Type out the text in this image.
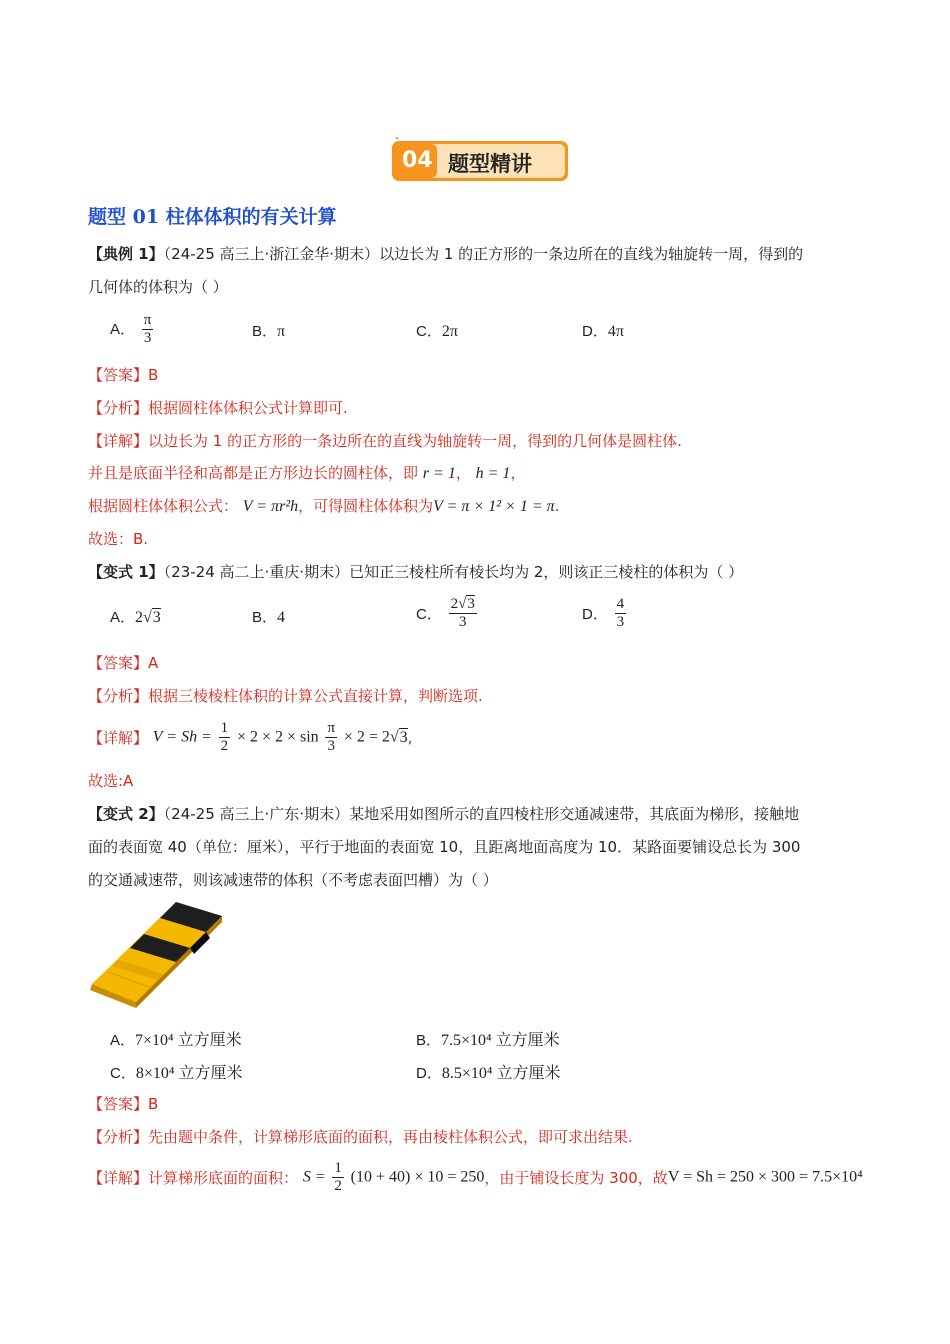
04 题型精讲
题型 01 柱体体积的有关计算
【典例 1】（24-25 高三上·浙江金华·期末）以边长为 1 的正方形的一条边所在的直线为轴旋转一周，得到的
几何体的体积为（ ）
A． $\frac{\pi}{3}$	B．π	C．2π	D．4π
【答案】B
【分析】根据圆柱体体积公式计算即可.
【详解】以边长为 1 的正方形的一条边所在的直线为轴旋转一周，得到的几何体是圆柱体.
并且是底面半径和高都是正方形边长的圆柱体，即 r = 1， h = 1，
根据圆柱体体积公式： V = πr²h，可得圆柱体体积为V = π × 1² × 1 = π.
故选：B.
【变式 1】（23-24 高二上·重庆·期末）已知正三棱柱所有棱长均为 2，则该正三棱柱的体积为（ ）
A．2√3	B．4	C． $\frac{2√3}{3}$	D． $\frac{4}{3}$
【答案】A
【分析】根据三棱棱柱体积的计算公式直接计算，判断选项.
【详解】 $V = Sh = \frac{1}{2} \times 2 \times 2 \times \sin \frac{\pi}{3} \times 2 = 2√3$,
故选:A
【变式 2】（24-25 高三上·广东·期末）某地采用如图所示的直四棱柱形交通减速带，其底面为梯形，接触地
面的表面宽 40（单位：厘米），平行于地面的表面宽 10，且距离地面高度为 10．某路面要铺设总长为 300
的交通减速带，则该减速带的体积（不考虑表面凹槽）为（ ）
A．7×10⁴ 立方厘米	B．7.5×10⁴ 立方厘米
C．8×10⁴ 立方厘米	D．8.5×10⁴ 立方厘米
【答案】B
【分析】先由题中条件，计算梯形底面的面积，再由棱柱体积公式，即可求出结果.
【详解】计算梯形底面的面积： $S = \frac{1}{2} (10 + 40) \times 10 = 250$，由于铺设长度为 300，故V = Sh = 250 × 300 = 7.5×10⁴
